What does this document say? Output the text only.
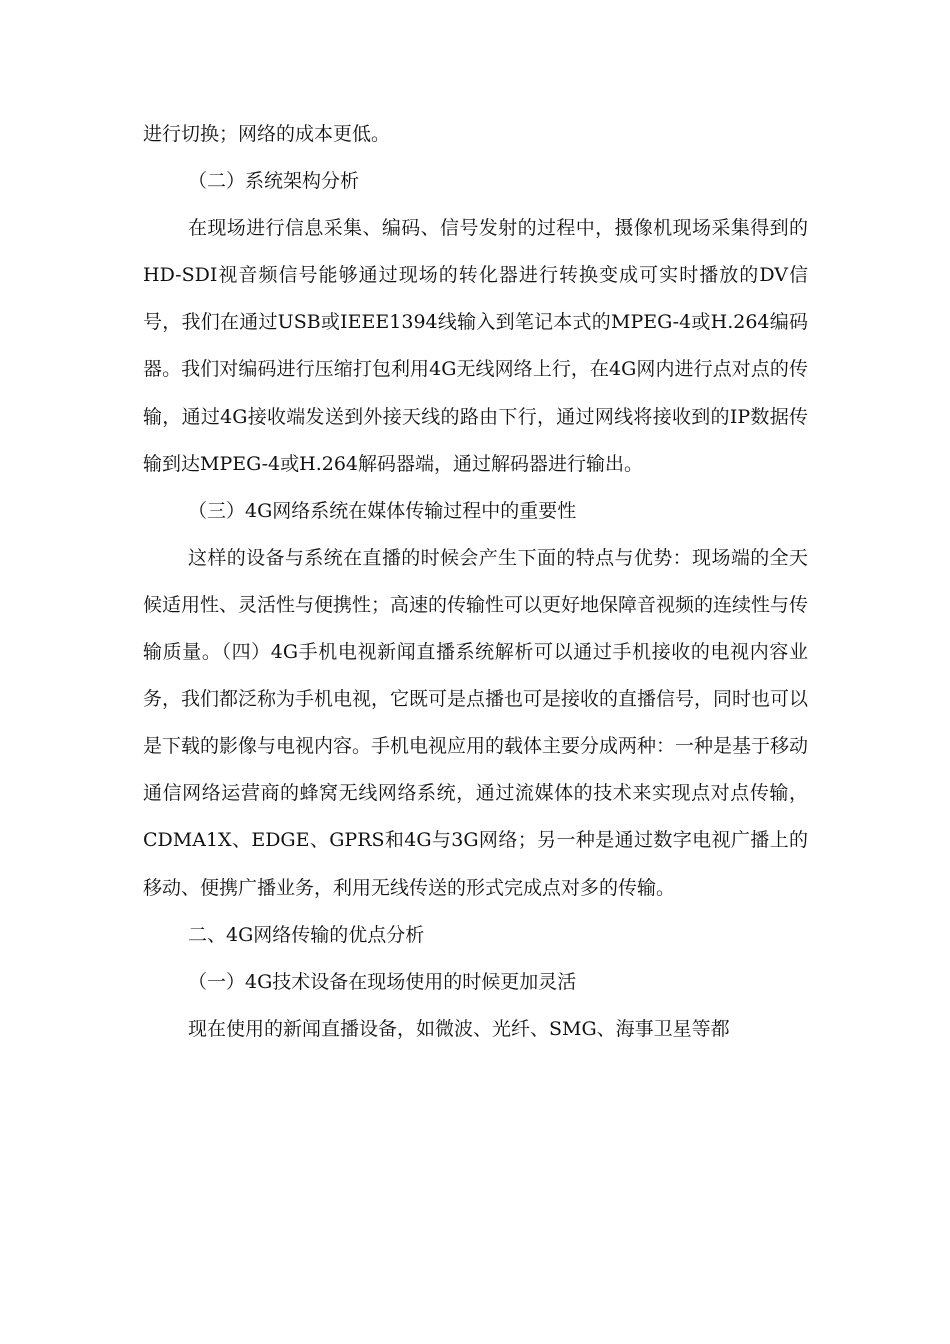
进行切换；网络的成本更低。

（二）系统架构分析

在现场进行信息采集、编码、信号发射的过程中，摄像机现场采集得到的HD-SDI视音频信号能够通过现场的转化器进行转换变成可实时播放的DV信号，我们在通过USB或IEEE1394线输入到笔记本式的MPEG-4或H.264编码器。我们对编码进行压缩打包利用4G无线网络上行，在4G网内进行点对点的传输，通过4G接收端发送到外接天线的路由下行，通过网线将接收到的IP数据传输到达MPEG-4或H.264解码器端，通过解码器进行输出。

（三）4G网络系统在媒体传输过程中的重要性

这样的设备与系统在直播的时候会产生下面的特点与优势：现场端的全天候适用性、灵活性与便携性；高速的传输性可以更好地保障音视频的连续性与传输质量。（四）4G手机电视新闻直播系统解析可以通过手机接收的电视内容业务，我们都泛称为手机电视，它既可是点播也可是接收的直播信号，同时也可以是下载的影像与电视内容。手机电视应用的载体主要分成两种：一种是基于移动通信网络运营商的蜂窝无线网络系统，通过流媒体的技术来实现点对点传输，CDMA1X、EDGE、GPRS和4G与3G网络；另一种是通过数字电视广播上的移动、便携广播业务，利用无线传送的形式完成点对多的传输。

二、4G网络传输的优点分析

（一）4G技术设备在现场使用的时候更加灵活

现在使用的新闻直播设备，如微波、光纤、SMG、海事卫星等都
